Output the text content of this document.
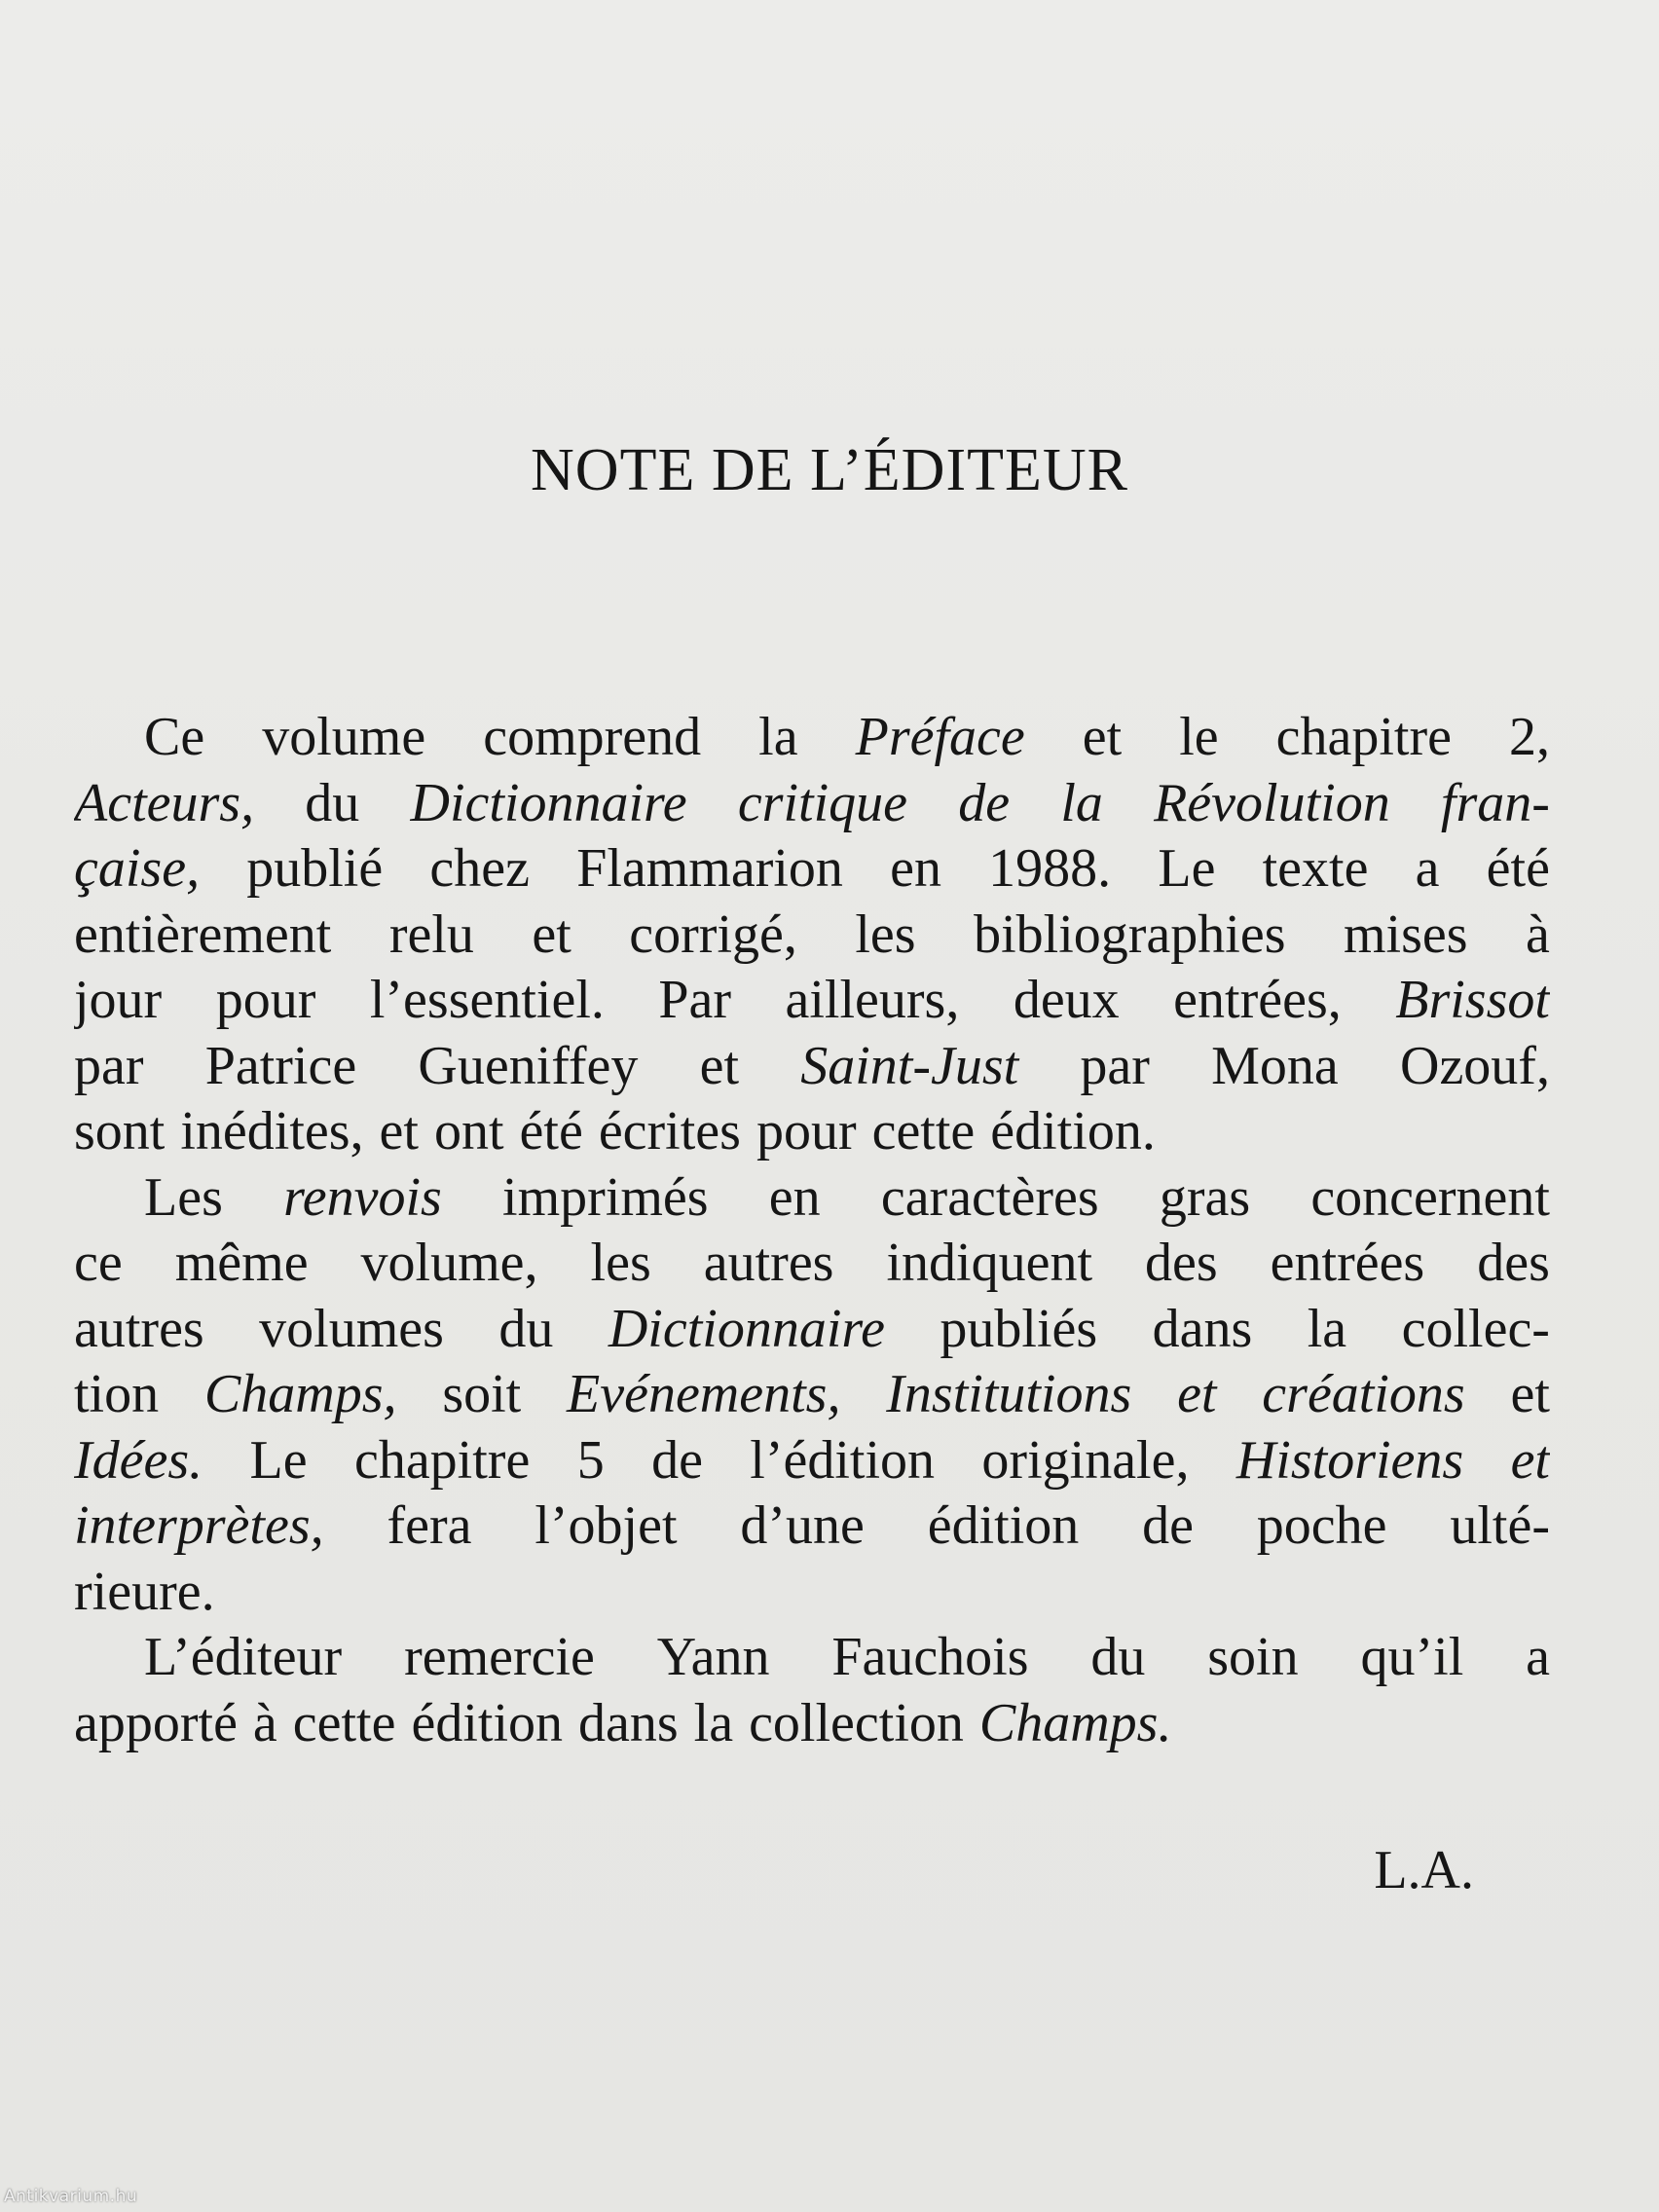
NOTE DE L’ÉDITEUR
Ce volume comprend la Préface et le chapitre 2,
Acteurs, du Dictionnaire critique de la Révolution fran-
çaise, publié chez Flammarion en 1988. Le texte a été
entièrement relu et corrigé, les bibliographies mises à
jour pour l’essentiel. Par ailleurs, deux entrées, Brissot
par Patrice Gueniffey et Saint-Just par Mona Ozouf,
sont inédites, et ont été écrites pour cette édition.
Les renvois imprimés en caractères gras concernent
ce même volume, les autres indiquent des entrées des
autres volumes du Dictionnaire publiés dans la collec-
tion Champs, soit Evénements, Institutions et créations et
Idées. Le chapitre 5 de l’édition originale, Historiens et
interprètes, fera l’objet d’une édition de poche ulté-
rieure.
L’éditeur remercie Yann Fauchois du soin qu’il a
apporté à cette édition dans la collection Champs.
L.A.
Antikvarium.hu
